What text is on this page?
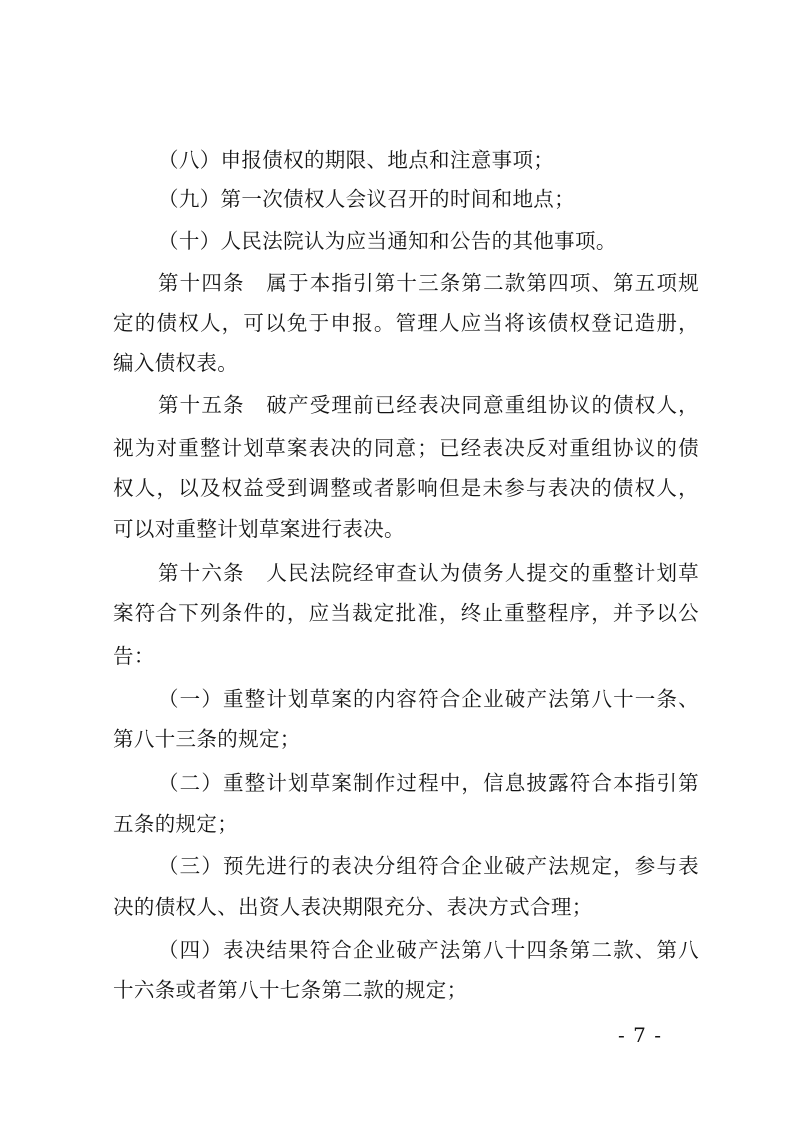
（八）申报债权的期限、地点和注意事项；
（九）第一次债权人会议召开的时间和地点；
（十）人民法院认为应当通知和公告的其他事项。
第十四条　属于本指引第十三条第二款第四项、第五项规
定的债权人，可以免于申报。管理人应当将该债权登记造册，
编入债权表。
第十五条　破产受理前已经表决同意重组协议的债权人，
视为对重整计划草案表决的同意；已经表决反对重组协议的债
权人，以及权益受到调整或者影响但是未参与表决的债权人，
可以对重整计划草案进行表决。
第十六条　人民法院经审查认为债务人提交的重整计划草
案符合下列条件的，应当裁定批准，终止重整程序，并予以公
告：
（一）重整计划草案的内容符合企业破产法第八十一条、
第八十三条的规定；
（二）重整计划草案制作过程中，信息披露符合本指引第
五条的规定；
（三）预先进行的表决分组符合企业破产法规定，参与表
决的债权人、出资人表决期限充分、表决方式合理；
（四）表决结果符合企业破产法第八十四条第二款、第八
十六条或者第八十七条第二款的规定；
- 7 -
